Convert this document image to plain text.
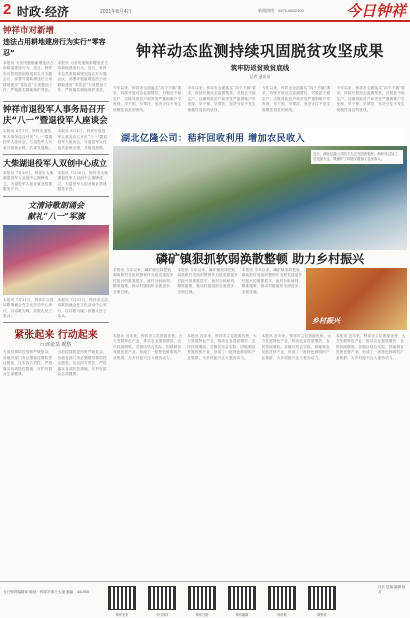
2 时政·经济	2021年8月4日	新闻热线：0975-8632300	今日钟祥
钟祥市对新增
违法占用耕地建房行为实行“零容忍”
本报讯 为坚决遏制新增违法占用耕地建房行为，近日，钟祥市自然资源和规划局召开专题会议，部署开展新增违法占用耕地建房“零容忍”专项整治工作，严格落实耕地保护责任。
本报讯 为坚决遏制新增违法占用耕地建房行为，近日，钟祥市自然资源和规划局召开专题会议，部署开展新增违法占用耕地建房“零容忍”专项整治工作，严格落实耕地保护责任。
钟祥市退役军人事务局召开
庆“八一”暨退役军人座谈会
本报讯 8月1日，钟祥市退役军人事务局召开庆“八一”暨退役军人座谈会，与退役军人代表共叙鱼水情，共谋发展路。
本报讯 8月1日，钟祥市退役军人事务局召开庆“八一”暨退役军人座谈会，与退役军人代表共叙鱼水情，共谋发展路。
大柴湖退役军人双创中心成立
本报讯 7月30日，钟祥市大柴湖退役军人双创中心揭牌成立，为退役军人创业就业搭建服务平台。
本报讯 7月30日，钟祥市大柴湖退役军人双创中心揭牌成立，为退役军人创业就业搭建服务平台。
文清诗歌朗诵会
献礼“八一”军旗
本报讯 7月31日，钟祥市文清诗歌朗诵会在文化活动中心举行，以诗歌为媒，致敬人民子弟兵。
本报讯 7月31日，钟祥市文清诗歌朗诵会在文化活动中心举行，以诗歌为媒，致敬人民子弟兵。
紧张起来 行动起来
□ 评论员 观察
当前疫情防控形势严峻复杂，各地各部门务必绷紧疫情防控这根弦，压实四方责任，严格落实各项防控措施，守护好群众生命健康。
当前疫情防控形势严峻复杂，各地各部门务必绷紧疫情防控这根弦，压实四方责任，严格落实各项防控措施，守护好群众生命健康。
钟祥动态监测持续巩固脱贫攻坚成果
筑牢防返贫致贫底线
记者 通讯员
今年以来，钟祥市全面落实“四个不摘”要求，持续开展动态监测帮扶，对脱贫不稳定户、边缘易致贫户和突发严重困难户早发现、早干预、早帮扶，坚决守住不发生规模性返贫的底线。
今年以来，钟祥市全面落实“四个不摘”要求，持续开展动态监测帮扶，对脱贫不稳定户、边缘易致贫户和突发严重困难户早发现、早干预、早帮扶，坚决守住不发生规模性返贫的底线。
今年以来，钟祥市全面落实“四个不摘”要求，持续开展动态监测帮扶，对脱贫不稳定户、边缘易致贫户和突发严重困难户早发现、早干预、早帮扶，坚决守住不发生规模性返贫的底线。
今年以来，钟祥市全面落实“四个不摘”要求，持续开展动态监测帮扶，对脱贫不稳定户、边缘易致贫户和突发严重困难户早发现、早干预、早帮扶，坚决守住不发生规模性返贫的底线。
湖北亿隆公司：秸秆回收利用 增加农民收入
近日，湖北亿隆公司的工人正在回收秸秆，秸秆经过加工后变废为宝，既保护了环境又增加了农民收入。
磷矿镇狠抓软弱涣散整顿 助力乡村振兴
本报讯 今年以来，磷矿镇坚持把软弱涣散村党组织整顿作为抓党建促乡村振兴的重要抓手，逐村分析研判，精准施策，推动村级组织全面进步、全面过硬。
本报讯 今年以来，磷矿镇坚持把软弱涣散村党组织整顿作为抓党建促乡村振兴的重要抓手，逐村分析研判，精准施策，推动村级组织全面进步、全面过硬。
本报讯 今年以来，磷矿镇坚持把软弱涣散村党组织整顿作为抓党建促乡村振兴的重要抓手，逐村分析研判，精准施策，推动村级组织全面进步、全面过硬。
乡村振兴
本报讯 近年来，钟祥市立足资源优势，大力发展特色产业，推动农业提质增效、农民持续增收。各镇区结合实际，因地制宜发展优势产业，形成了一批特色鲜明的产业集群，为乡村振兴注入强劲动力。
本报讯 近年来，钟祥市立足资源优势，大力发展特色产业，推动农业提质增效、农民持续增收。各镇区结合实际，因地制宜发展优势产业，形成了一批特色鲜明的产业集群，为乡村振兴注入强劲动力。
本报讯 近年来，钟祥市立足资源优势，大力发展特色产业，推动农业提质增效、农民持续增收。各镇区结合实际，因地制宜发展优势产业，形成了一批特色鲜明的产业集群，为乡村振兴注入强劲动力。
本报讯 近年来，钟祥市立足资源优势，大力发展特色产业，推动农业提质增效、农民持续增收。各镇区结合实际，因地制宜发展优势产业，形成了一批特色鲜明的产业集群，为乡村振兴注入强劲动力。
今日钟祥编辑部 地址：钟祥市承天大道 邮编：431900
钟祥发布	今日钟祥	钟祥日报	钟祥融媒	钟祥网	微钟祥
社长 总编 编辑 校对
